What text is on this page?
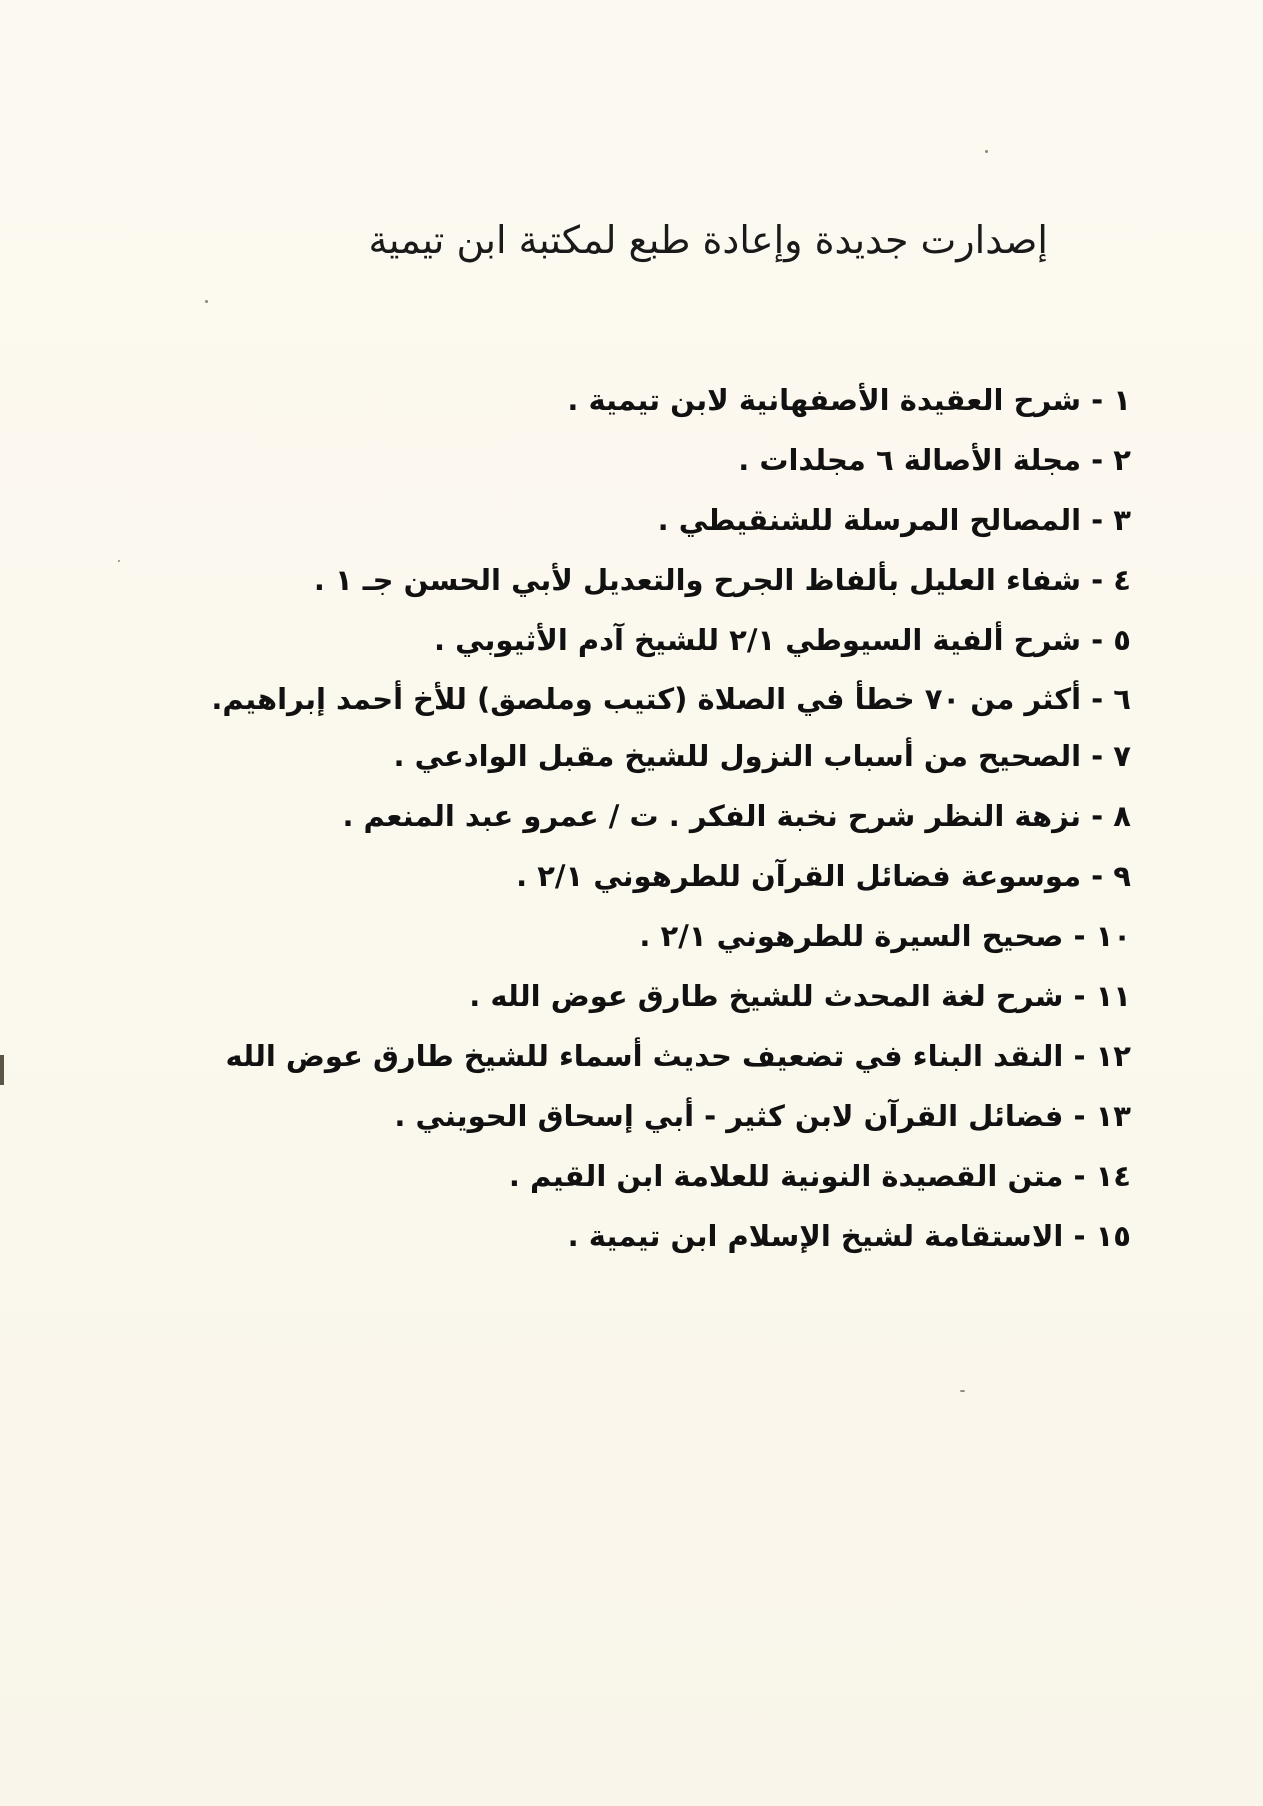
إصدارت جديدة وإعادة طبع لمكتبة ابن تيمية
١ - شرح العقيدة الأصفهانية لابن تيمية .
٢ - مجلة الأصالة ٦ مجلدات .
٣ - المصالح المرسلة للشنقيطي .
٤ - شفاء العليل بألفاظ الجرح والتعديل لأبي الحسن جـ ١ .
٥ - شرح ألفية السيوطي ٢/١ للشيخ آدم الأثيوبي .
٦ - أكثر من ٧٠ خطأ في الصلاة (كتيب وملصق) للأخ أحمد إبراهيم.
٧ - الصحيح من أسباب النزول للشيخ مقبل الوادعي .
٨ - نزهة النظر شرح نخبة الفكر . ت / عمرو عبد المنعم .
٩ - موسوعة فضائل القرآن للطرهوني ٢/١ .
١٠ - صحيح السيرة للطرهوني ٢/١ .
١١ - شرح لغة المحدث للشيخ طارق عوض الله .
١٢ - النقد البناء في تضعيف حديث أسماء للشيخ طارق عوض الله
١٣ - فضائل القرآن لابن كثير - أبي إسحاق الحويني .
١٤ - متن القصيدة النونية للعلامة ابن القيم .
١٥ - الاستقامة لشيخ الإسلام ابن تيمية .
